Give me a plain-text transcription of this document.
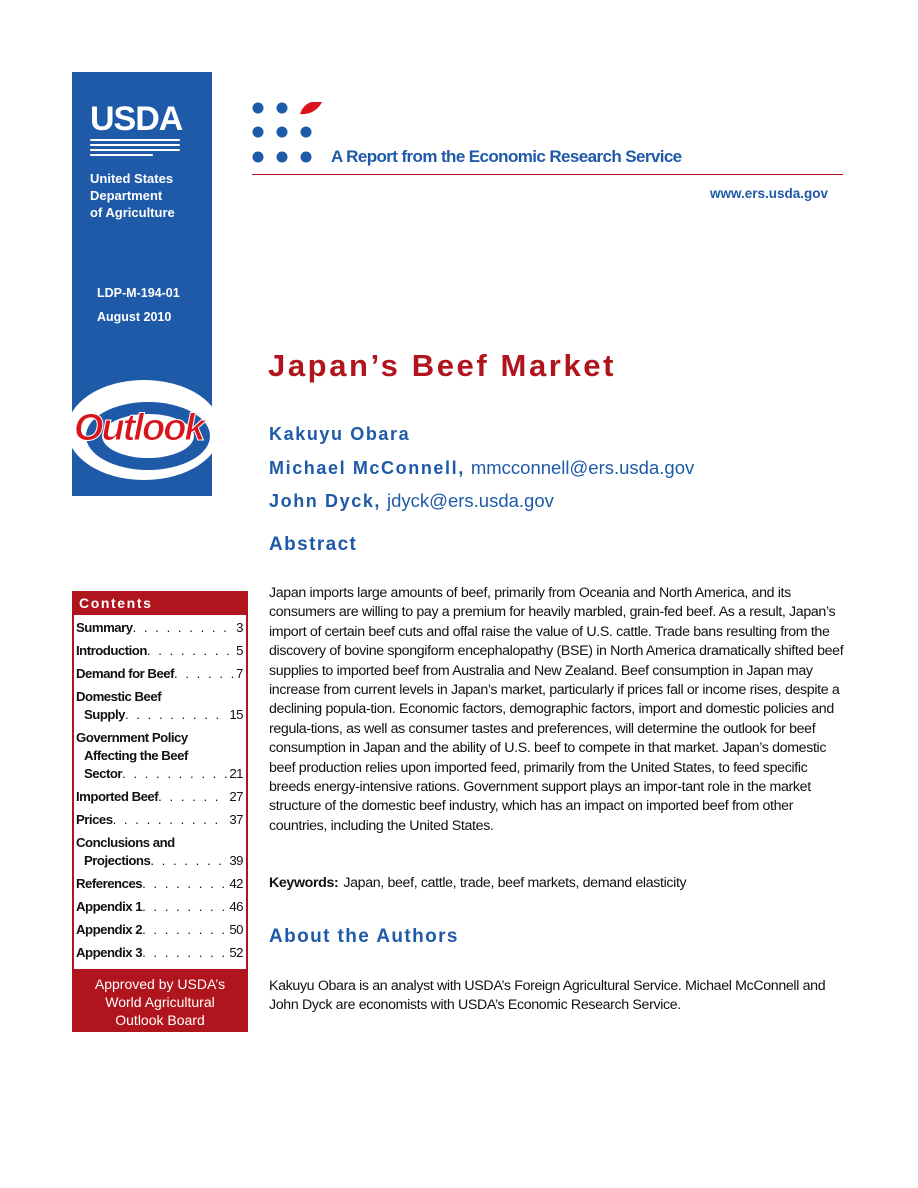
USDA
United States
Department
of Agriculture
LDP-M-194-01
August 2010
Outlook
A Report from the Economic Research Service
www.ers.usda.gov
Japan’s Beef Market
Kakuyu Obara
Michael McConnell, mmcconnell@ers.usda.gov
John Dyck, jdyck@ers.usda.gov
Abstract
Japan imports large amounts of beef, primarily from Oceania and North America, and its consumers are willing to pay a premium for heavily marbled, grain-fed beef. As a result, Japan’s import of certain beef cuts and offal raise the value of U.S. cattle. Trade bans resulting from the discovery of bovine spongiform encephalopathy (BSE) in North America dramatically shifted beef supplies to imported beef from Australia and New Zealand. Beef consumption in Japan may increase from current levels in Japan’s market, particularly if prices fall or income rises, despite a declining popula-tion. Economic factors, demographic factors, import and domestic policies and regula-tions, as well as consumer tastes and preferences, will determine the outlook for beef consumption in Japan and the ability of U.S. beef to compete in that market. Japan’s domestic beef production relies upon imported feed, primarily from the United States, to feed specific breeds energy-intensive rations. Government support plays an impor-tant role in the market structure of the domestic beef industry, which has an impact on imported beef from other countries, including the United States.
Keywords: Japan, beef, cattle, trade, beef markets, demand elasticity
About the Authors
Kakuyu Obara is an analyst with USDA’s Foreign Agricultural Service. Michael McConnell and John Dyck are economists with USDA’s Economic Research Service.
Contents
Summary . . .	3
Introduction . . .	5
Demand for Beef . . .	7
Domestic Beef
Supply . . .	15
Government Policy
Affecting the Beef
Sector . . .	21
Imported Beef . . .	27
Prices . . .	37
Conclusions and
Projections . . .	39
References . . .	42
Appendix 1 . . .	46
Appendix 2 . . .	50
Appendix 3 . . .	52
Approved by USDA’s
World Agricultural
Outlook Board
